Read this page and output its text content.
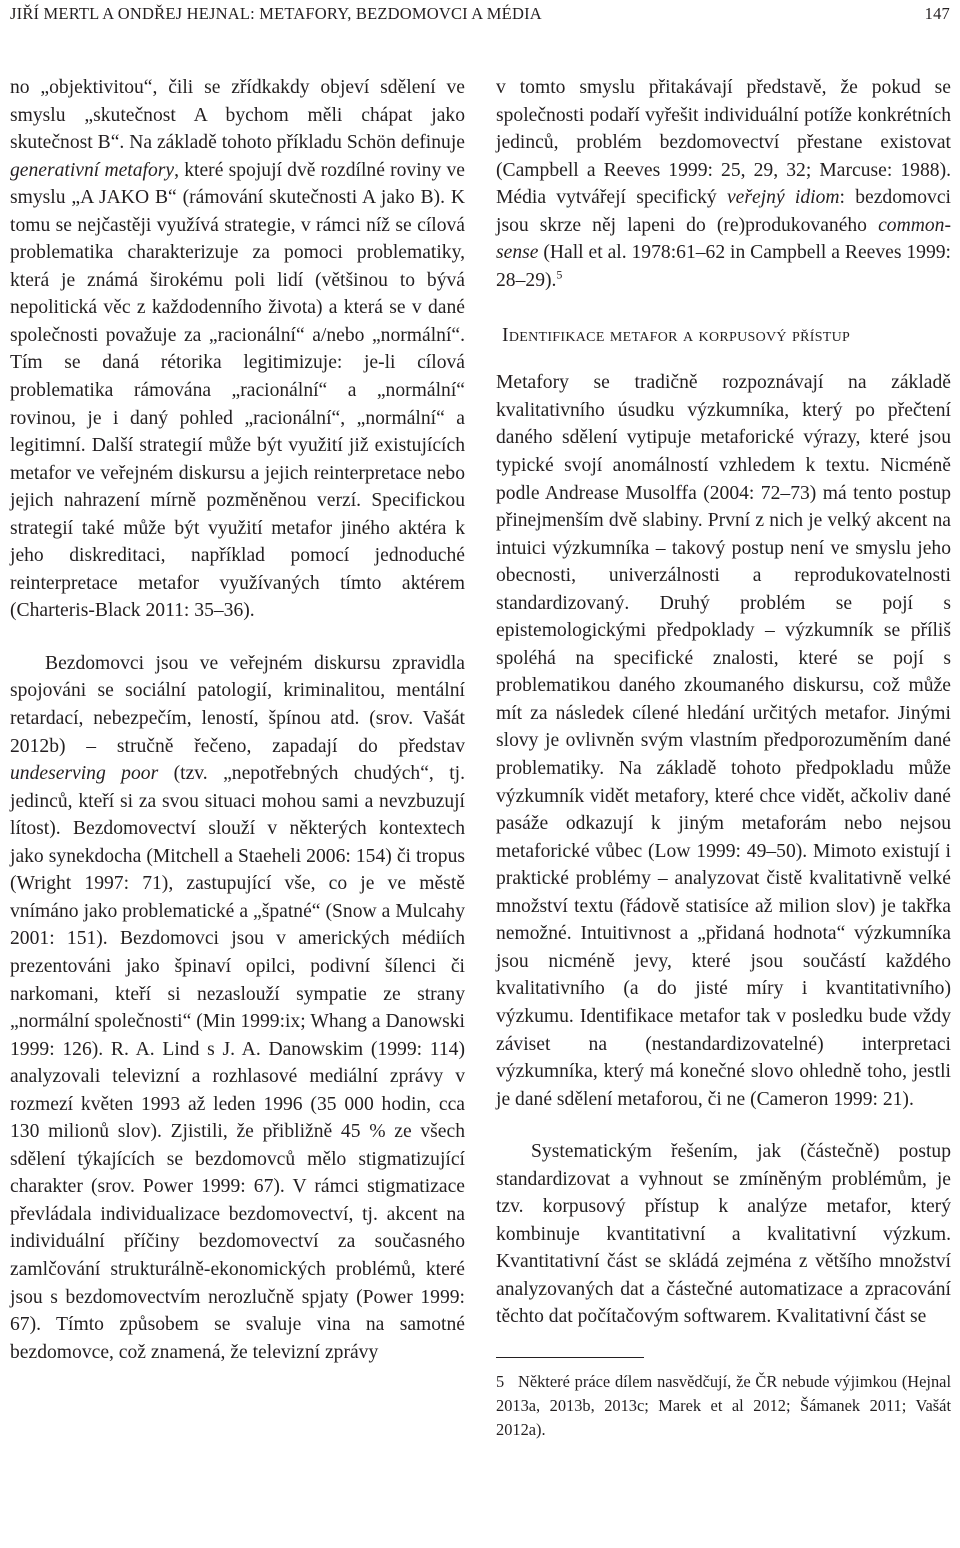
JIŘÍ MERTL A ONDŘEJ HEJNAL: METAFORY, BEZDOMOVCI A MÉDIA	147

no „objektivitou“, čili se zřídkakdy objeví sdělení ve smyslu „skutečnost A bychom měli chápat jako skutečnost B“. Na základě tohoto příkladu Schön definuje generativní metafory, které spojují dvě rozdílné roviny ve smyslu „A JAKO B“ (rámování skutečnosti A jako B). K tomu se nejčastěji využívá strategie, v rámci níž se cílová problematika charakterizuje za pomoci problematiky, která je známá širokému poli lidí (většinou to bývá nepolitická věc z každodenního života) a která se v dané společnosti považuje za „racionální“ a/nebo „normální“. Tím se daná rétorika legitimizuje: je-li cílová problematika rámována „racionální“ a „normální“ rovinou, je i daný pohled „racionální“, „normální“ a legitimní. Další strategií může být využití již existujících metafor ve veřejném diskursu a jejich reinterpretace nebo jejich nahrazení mírně pozměněnou verzí. Specifickou strategií také může být využití metafor jiného aktéra k jeho diskreditaci, například pomocí jednoduché reinterpretace metafor využívaných tímto aktérem (Charteris-Black 2011: 35–36).

Bezdomovci jsou ve veřejném diskursu zpravidla spojováni se sociální patologií, kriminalitou, mentální retardací, nebezpečím, leností, špínou atd. (srov. Vašát 2012b) – stručně řečeno, zapadají do představ undeserving poor (tzv. „nepotřebných chudých“, tj. jedinců, kteří si za svou situaci mohou sami a nevzbuzují lítost). Bezdomovectví slouží v některých kontextech jako synekdocha (Mitchell a Staeheli 2006: 154) či tropus (Wright 1997: 71), zastupující vše, co je ve městě vnímáno jako problematické a „špatné“ (Snow a Mulcahy 2001: 151). Bezdomovci jsou v amerických médiích prezentováni jako špinaví opilci, podivní šílenci či narkomani, kteří si nezaslouží sympatie ze strany „normální společnosti“ (Min 1999:ix; Whang a Danowski 1999: 126). R. A. Lind s J. A. Danowskim (1999: 114) analyzovali televizní a rozhlasové mediální zprávy v rozmezí květen 1993 až leden 1996 (35 000 hodin, cca 130 milionů slov). Zjistili, že přibližně 45 % ze všech sdělení týkajících se bezdomovců mělo stigmatizující charakter (srov. Power 1999: 67). V rámci stigmatizace převládala individualizace bezdomovectví, tj. akcent na individuální příčiny bezdomovectví za současného zamlčování strukturálně-ekonomických problémů, které jsou s bezdomovectvím nerozlučně spjaty (Power 1999: 67). Tímto způsobem se svaluje vina na samotné bezdomovce, což znamená, že televizní zprávy

v tomto smyslu přitakávají představě, že pokud se společnosti podaří vyřešit individuální potíže konkrétních jedinců, problém bezdomovectví přestane existovat (Campbell a Reeves 1999: 25, 29, 32; Marcuse: 1988). Média vytvářejí specifický veřejný idiom: bezdomovci jsou skrze něj lapeni do (re)produkovaného common-sense (Hall et al. 1978:61–62 in Campbell a Reeves 1999: 28–29).$^5$

Identifikace metafor a korpusový přístup

Metafory se tradičně rozpoznávají na základě kvalitativního úsudku výzkumníka, který po přečtení daného sdělení vytipuje metaforické výrazy, které jsou typické svojí anomálností vzhledem k textu. Nicméně podle Andrease Musolffa (2004: 72–73) má tento postup přinejmenším dvě slabiny. První z nich je velký akcent na intuici výzkumníka – takový postup není ve smyslu jeho obecnosti, univerzálnosti a reprodukovatelnosti standardizovaný. Druhý problém se pojí s epistemologickými předpoklady – výzkumník se příliš spoléhá na specifické znalosti, které se pojí s problematikou daného zkoumaného diskursu, což může mít za následek cílené hledání určitých metafor. Jinými slovy je ovlivněn svým vlastním předporozuměním dané problematiky. Na základě tohoto předpokladu může výzkumník vidět metafory, které chce vidět, ačkoliv dané pasáže odkazují k jiným metaforám nebo nejsou metaforické vůbec (Low 1999: 49–50). Mimoto existují i praktické problémy – analyzovat čistě kvalitativně velké množství textu (řádově statisíce až milion slov) je takřka nemožné. Intuitivnost a „přidaná hodnota“ výzkumníka jsou nicméně jevy, které jsou součástí každého kvalitativního (a do jisté míry i kvantitativního) výzkumu. Identifikace metafor tak v posledku bude vždy záviset na (nestandardizovatelné) interpretaci výzkumníka, který má konečné slovo ohledně toho, jestli je dané sdělení metaforou, či ne (Cameron 1999: 21).

Systematickým řešením, jak (částečně) postup standardizovat a vyhnout se zmíněným problémům, je tzv. korpusový přístup k analýze metafor, který kombinuje kvantitativní a kvalitativní výzkum. Kvantitativní část se skládá zejména z většího množství analyzovaných dat a částečné automatizace a zpracování těchto dat počítačovým softwarem. Kvalitativní část se

5 Některé práce dílem nasvědčují, že ČR nebude výjimkou (Hejnal 2013a, 2013b, 2013c; Marek et al 2012; Šámanek 2011; Vašát 2012a).
